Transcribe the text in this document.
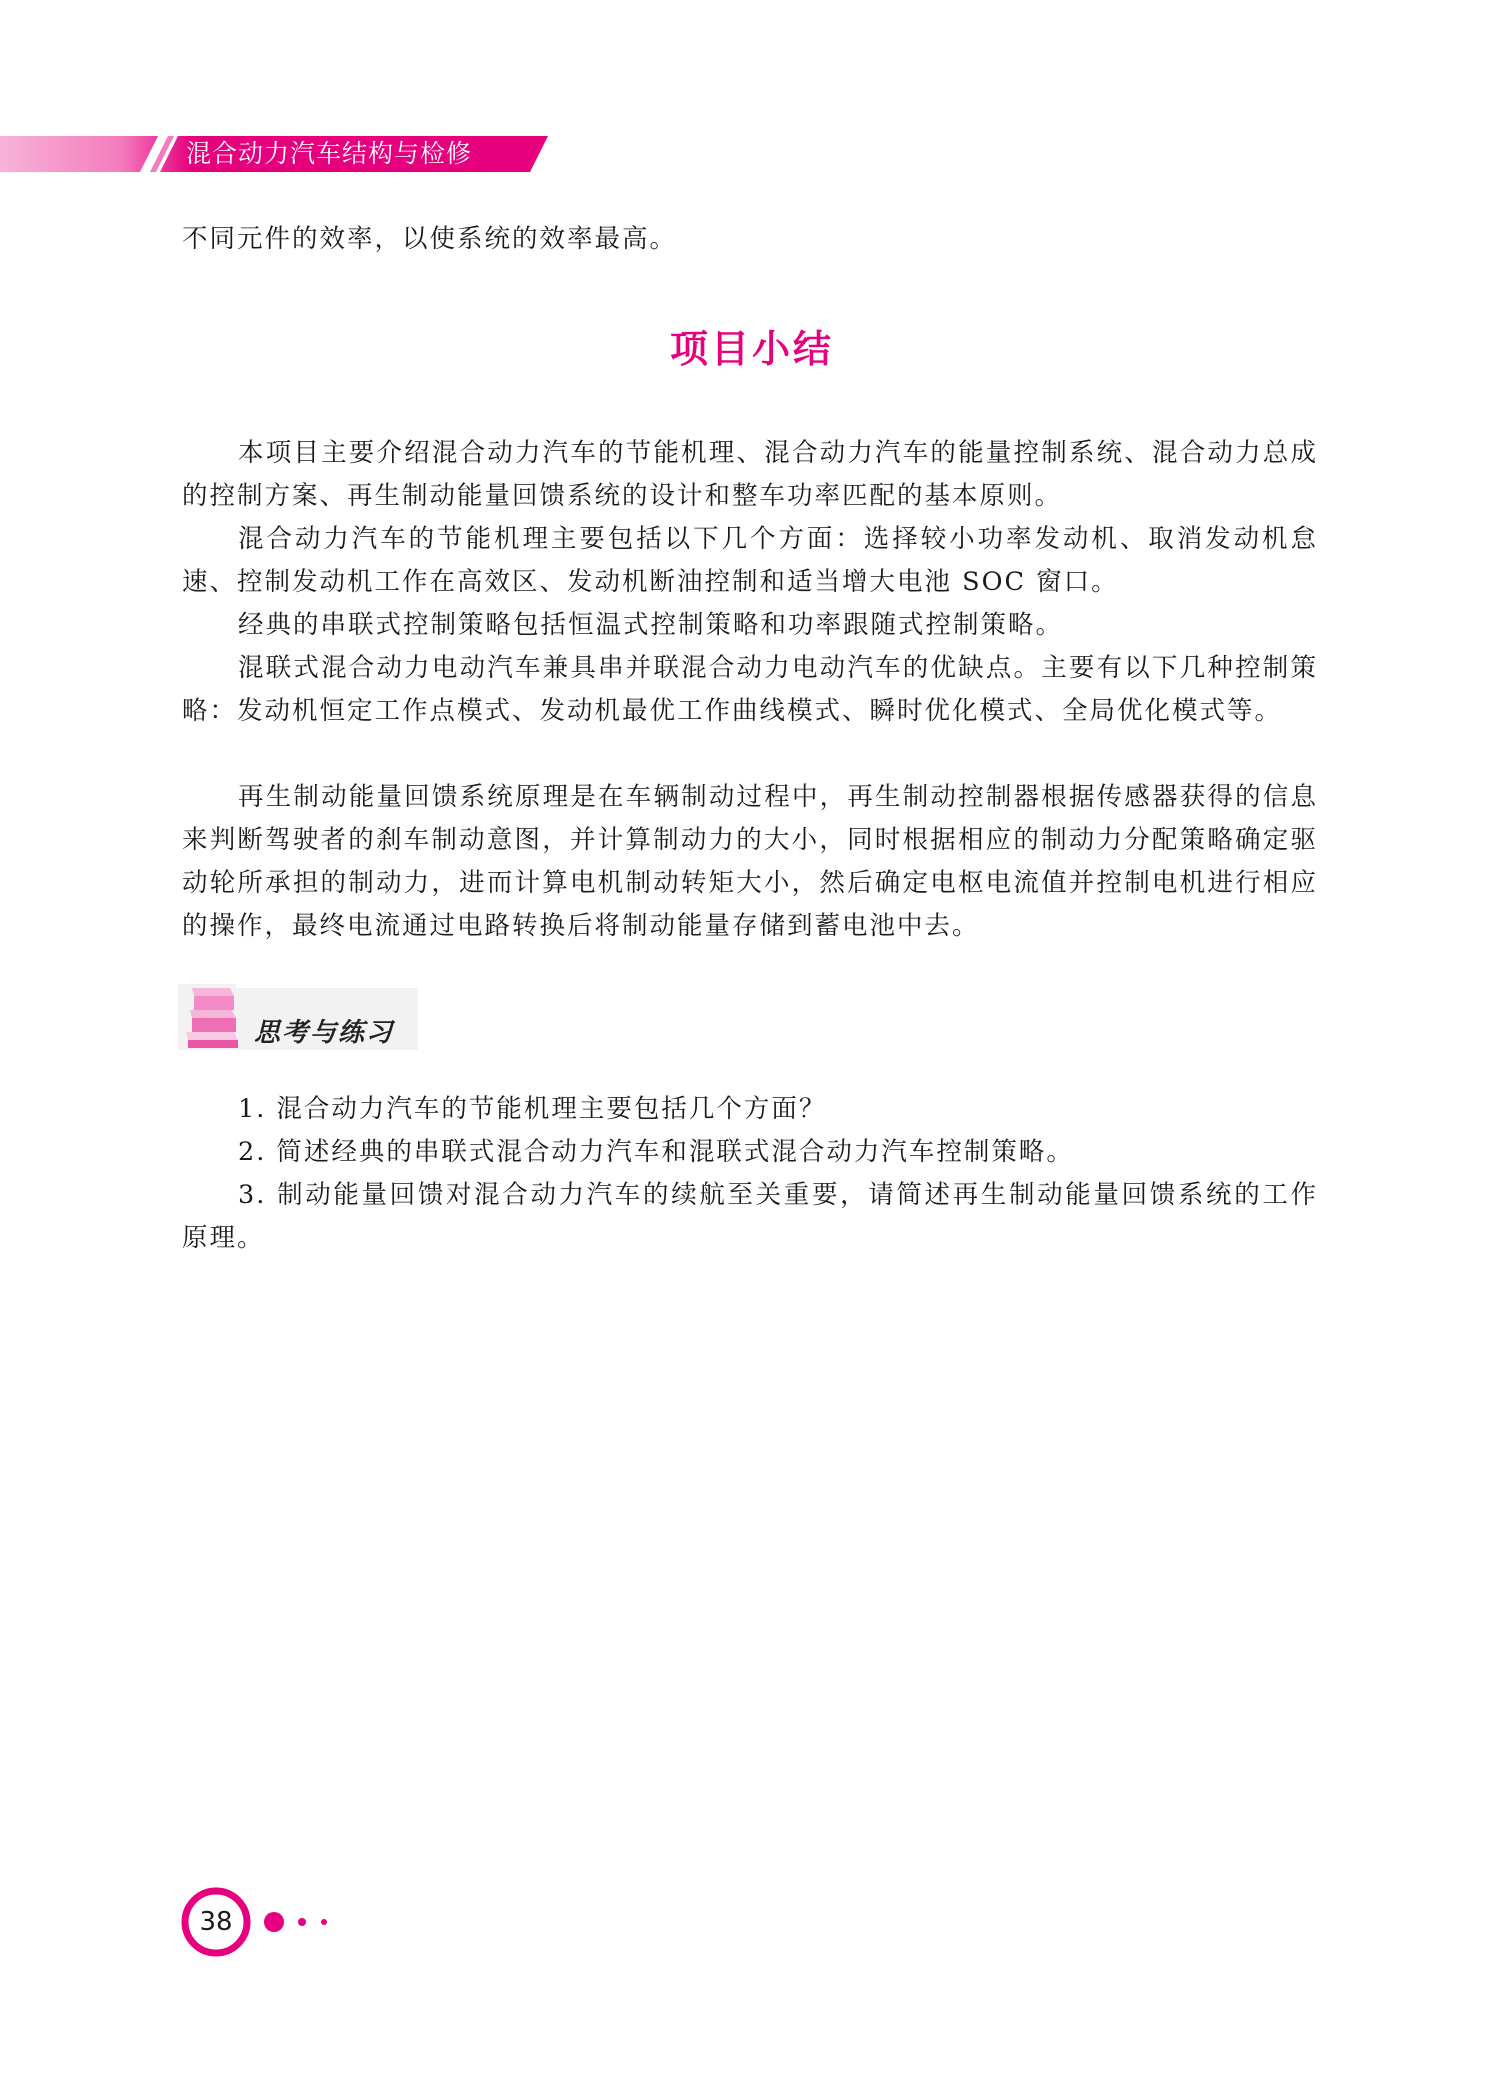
混合动力汽车结构与检修

不同元件的效率，以使系统的效率最高。

项目小结

本项目主要介绍混合动力汽车的节能机理、混合动力汽车的能量控制系统、混合动力总成的控制方案、再生制动能量回馈系统的设计和整车功率匹配的基本原则。

混合动力汽车的节能机理主要包括以下几个方面：选择较小功率发动机、取消发动机怠速、控制发动机工作在高效区、发动机断油控制和适当增大电池 SOC 窗口。

经典的串联式控制策略包括恒温式控制策略和功率跟随式控制策略。

混联式混合动力电动汽车兼具串并联混合动力电动汽车的优缺点。主要有以下几种控制策略：发动机恒定工作点模式、发动机最优工作曲线模式、瞬时优化模式、全局优化模式等。

再生制动能量回馈系统原理是在车辆制动过程中，再生制动控制器根据传感器获得的信息来判断驾驶者的刹车制动意图，并计算制动力的大小，同时根据相应的制动力分配策略确定驱动轮所承担的制动力，进而计算电机制动转矩大小，然后确定电枢电流值并控制电机进行相应的操作，最终电流通过电路转换后将制动能量存储到蓄电池中去。

思考与练习

1. 混合动力汽车的节能机理主要包括几个方面？

2. 简述经典的串联式混合动力汽车和混联式混合动力汽车控制策略。

3. 制动能量回馈对混合动力汽车的续航至关重要，请简述再生制动能量回馈系统的工作原理。

38
